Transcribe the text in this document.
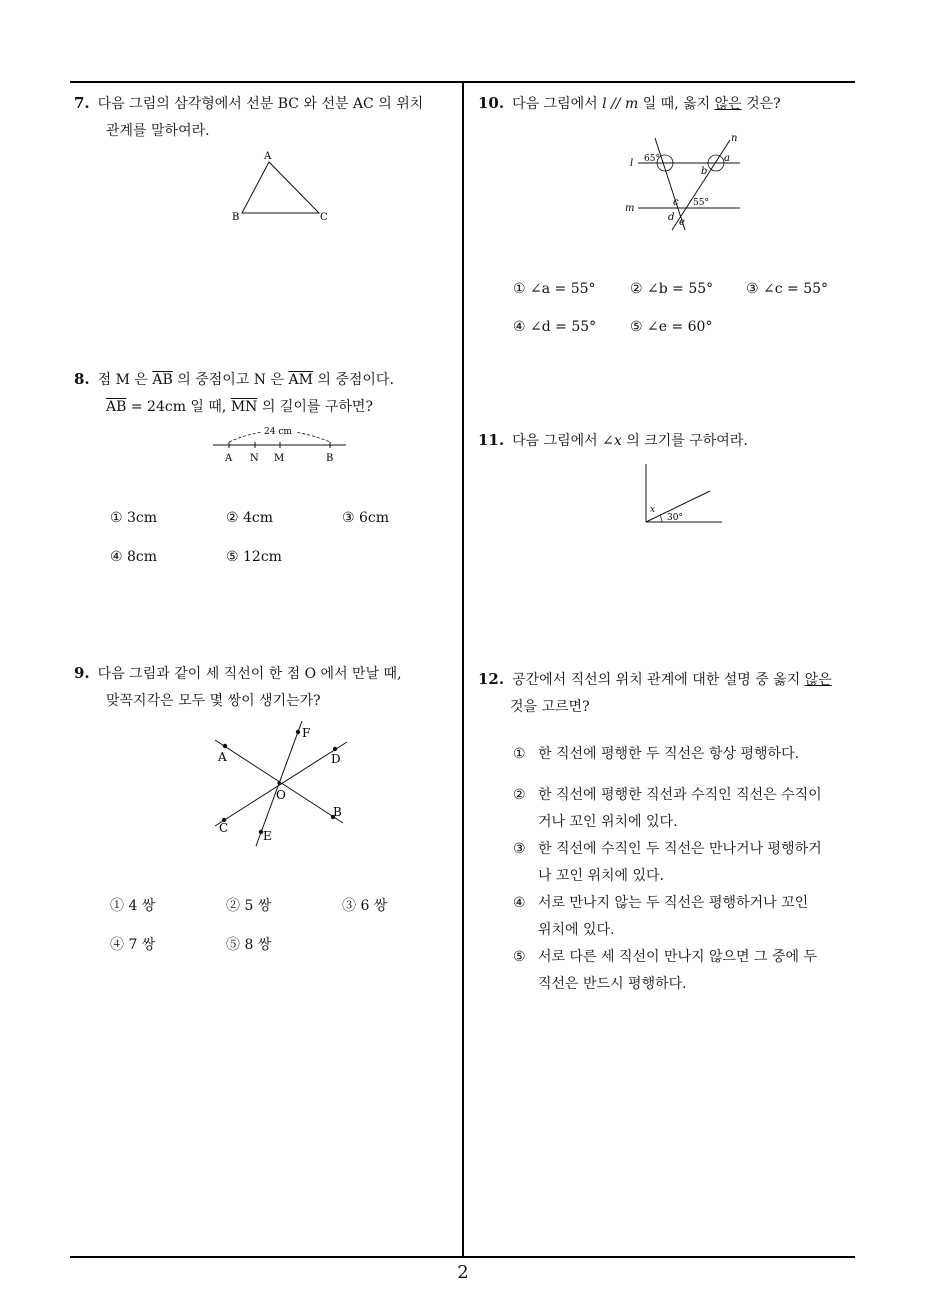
7. 다음 그림의 삼각형에서 선분 BC 와 선분 AC 의 위치
관계를 말하여라.
A
B	C
8. 점 M 은 $\overline{AB}$ 의 중점이고 N 은 $\overline{AM}$ 의 중점이다.
$\overline{AB} = 24cm$ 일 때, $\overline{MN}$ 의 길이를 구하면?
24 cm
A N M	B
① 3cm	② 4cm	③ 6cm
④ 8cm	⑤ 12cm
9. 다음 그림과 같이 세 직선이 한 점 O 에서 만날 때,
맞꼭지각은 모두 몇 쌍이 생기는가?
A
B
C
D
E
F
O
① 4 쌍	② 5 쌍	③ 6 쌍
④ 7 쌍	⑤ 8 쌍
10. 다음 그림에서 l // m 일 때, 옳지 않은 것은?
l
m
n
65°
55°
a
b
c
d e
① ∠a = 55° ② ∠b = 55° ③ ∠c = 55°
④ ∠d = 55° ⑤ ∠e = 60°
11. 다음 그림에서 ∠x 의 크기를 구하여라.
x
30°
12. 공간에서 직선의 위치 관계에 대한 설명 중 옳지 않은
것을 고르면?
① 한 직선에 평행한 두 직선은 항상 평행하다.
② 한 직선에 평행한 직선과 수직인 직선은 수직이
거나 꼬인 위치에 있다.
③ 한 직선에 수직인 두 직선은 만나거나 평행하거
나 꼬인 위치에 있다.
④ 서로 만나지 않는 두 직선은 평행하거나 꼬인
위치에 있다.
⑤ 서로 다른 세 직선이 만나지 않으면 그 중에 두
직선은 반드시 평행하다.
2
